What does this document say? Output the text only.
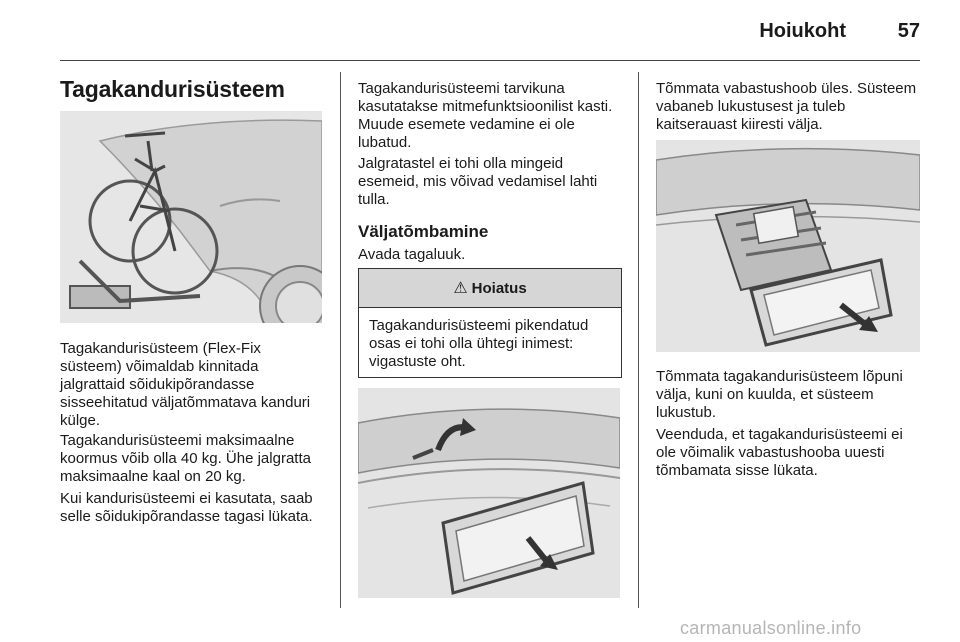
Hoiukoht	57
Tagakandurisüsteem

Tagakandurisüsteem (Flex-Fix süsteem) võimaldab kinnitada jalgrattaid sõidukipõrandasse sisseehitatud väljatõmmatava kanduri külge.

Tagakandurisüsteemi maksimaalne koormus võib olla 40 kg. Ühe jalgratta maksimaalne kaal on 20 kg.

Kui kandurisüsteemi ei kasutata, saab selle sõidukipõrandasse tagasi lükata.

Tagakandurisüsteemi tarvikuna kasutatakse mitmefunktsioonilist kasti. Muude esemete vedamine ei ole lubatud.

Jalgratastel ei tohi olla mingeid esemeid, mis võivad vedamisel lahti tulla.

Väljatõmbamine

Avada tagaluuk.

⚠ Hoiatus

Tagakandurisüsteemi pikendatud osas ei tohi olla ühtegi inimest: vigastuste oht.

Tõmmata vabastushoob üles. Süsteem vabaneb lukustusest ja tuleb kaitserauast kiiresti välja.

Tõmmata tagakandurisüsteem lõpuni välja, kuni on kuulda, et süsteem lukustub.

Veenduda, et tagakandurisüsteemi ei ole võimalik vabastushooba uuesti tõmbamata sisse lükata.

carmanualsonline.info
